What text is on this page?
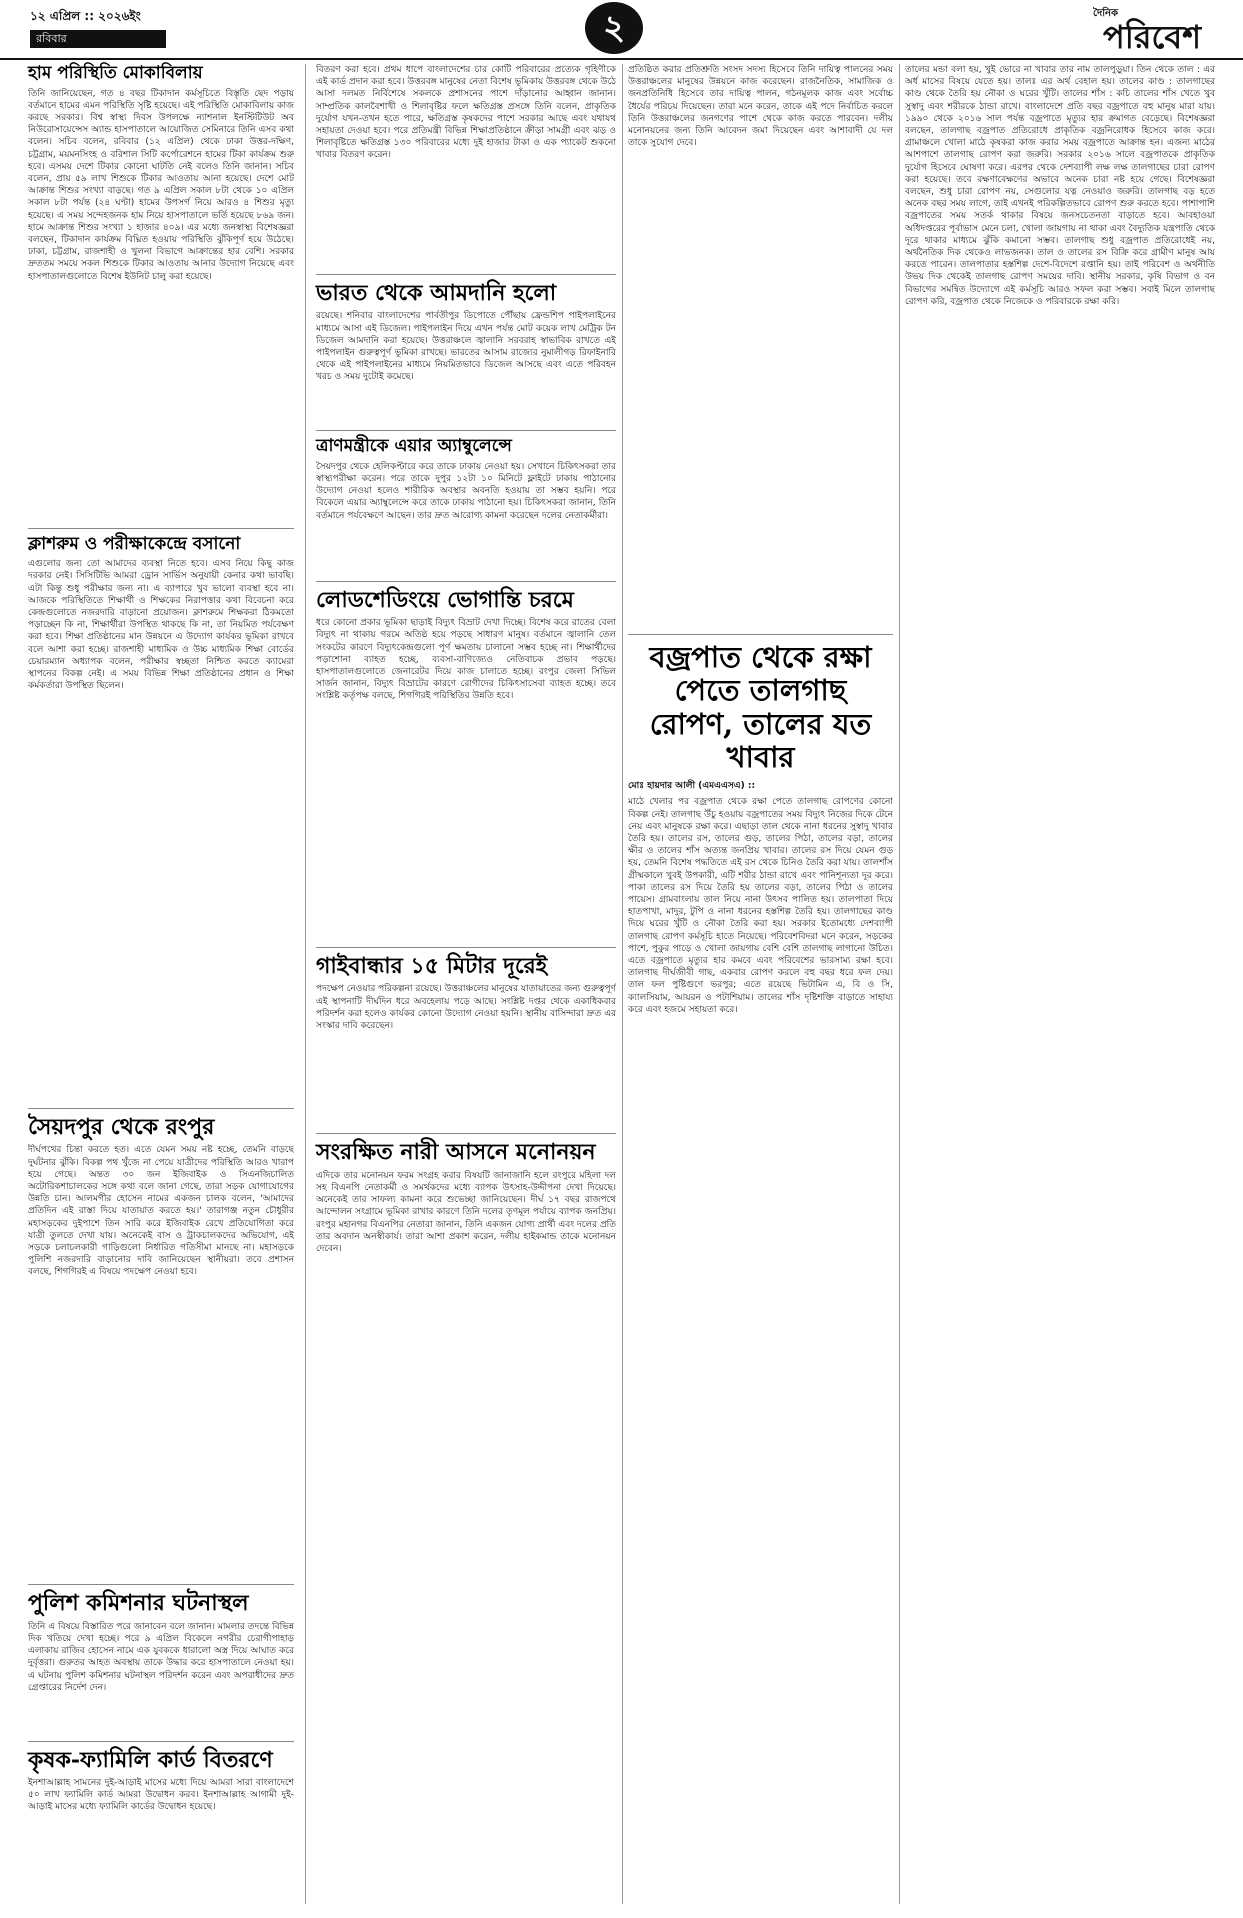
১২ এপ্রিল :: ২০২৬ইং
রবিবার	২	দৈনিক
পরিবেশ
হাম পরিস্থিতি মোকাবিলায়
তিনি জানিয়েছেন, গত ৪ বছর টিকাদান কর্মসূচিতে বিস্তৃতি ছেদ পড়ায় বর্তমানে হামের এমন পরিস্থিতি সৃষ্টি হয়েছে। এই পরিস্থিতি মোকাবিলায় কাজ করছে সরকার। বিশ্ব স্বাস্থ্য দিবস উপলক্ষে ন্যাশনাল ইনস্টিটিউট অব নিউরোসায়েন্সেস অ্যান্ড হাসপাতালে আয়োজিত সেমিনারে তিনি এসব কথা বলেন। সচিব বলেন, রবিবার (১২ এপ্রিল) থেকে ঢাকা উত্তর-দক্ষিণ, চট্টগ্রাম, ময়মনসিংহ ও বরিশাল সিটি কর্পোরেশনে হামের টিকা কার্যক্রম শুরু হবে। এসময় দেশে টিকার কোনো ঘাটতি নেই বলেও তিনি জানান। সচিব বলেন, প্রায় ৫৯ লাখ শিশুকে টিকার আওতায় আনা হয়েছে। দেশে মোট আক্রান্ত শিশুর সংখ্যা বাড়ছে। গত ৯ এপ্রিল সকাল ৮টা থেকে ১০ এপ্রিল সকাল ৮টা পর্যন্ত (২৪ ঘণ্টা) হামের উপসর্গ নিয়ে আরও ৪ শিশুর মৃত্যু হয়েছে। এ সময় সন্দেহজনক হাম নিয়ে হাসপাতালে ভর্তি হয়েছে ৮৬৯ জন। হামে আক্রান্ত শিশুর সংখ্যা ১ হাজার ৪০৯। এর মধ্যে জনস্বাস্থ্য বিশেষজ্ঞরা বলছেন, টিকাদান কার্যক্রম বিঘ্নিত হওয়ায় পরিস্থিতি ঝুঁকিপূর্ণ হয়ে উঠেছে। ঢাকা, চট্টগ্রাম, রাজশাহী ও খুলনা বিভাগে আক্রান্তের হার বেশি। সরকার দ্রুততম সময়ে সকল শিশুকে টিকার আওতায় আনার উদ্যোগ নিয়েছে এবং হাসপাতালগুলোতে বিশেষ ইউনিট চালু করা হয়েছে।
ক্লাশরুম ও পরীক্ষাকেন্দ্রে বসানো
এগুলোর জন্য তো আমাদের ব্যবস্থা নিতে হবে। এসব নিয়ে কিছু কাজ দরকার নেই। সিসিটিভি আমরা ড্রোন সার্ভিস অনুযায়ী কেনার কথা ভাবছি। এটা কিন্তু শুধু পরীক্ষার জন্য না। এ ব্যাপারে খুব ভালো ব্যবস্থা হবে না। আজকে পরিস্থিতিতে শিক্ষার্থী ও শিক্ষকের নিরাপত্তার কথা বিবেচনা করে কেন্দ্রগুলোতে নজরদারি বাড়ানো প্রয়োজন। ক্লাশরুমে শিক্ষকরা ঠিকমতো পড়াচ্ছেন কি না, শিক্ষার্থীরা উপস্থিত থাকছে কি না, তা নিয়মিত পর্যবেক্ষণ করা হবে। শিক্ষা প্রতিষ্ঠানের মান উন্নয়নে এ উদ্যোগ কার্যকর ভূমিকা রাখবে বলে আশা করা হচ্ছে। রাজশাহী মাধ্যমিক ও উচ্চ মাধ্যমিক শিক্ষা বোর্ডের চেয়ারম্যান অধ্যাপক বলেন, পরীক্ষার স্বচ্ছতা নিশ্চিত করতে ক্যামেরা স্থাপনের বিকল্প নেই। এ সময় বিভিন্ন শিক্ষা প্রতিষ্ঠানের প্রধান ও শিক্ষা কর্মকর্তারা উপস্থিত ছিলেন।
সৈয়দপুর থেকে রংপুর
দীর্ঘপথের চিন্তা করতে হত। এতে যেমন সময় নষ্ট হচ্ছে, তেমনি বাড়ছে দুর্ঘটনার ঝুঁকি। বিকল্প পথ খুঁজে না পেয়ে যাত্রীদের পরিস্থিতি আরও খারাপ হয়ে গেছে। অন্তত ৩০ জন ইজিবাইক ও সিএনজিচালিত অটোরিকশাচালকের সঙ্গে কথা বলে জানা গেছে, তারা সড়ক যোগাযোগের উন্নতি চান। আলমগীর হোসেন নামের একজন চালক বলেন, 'আমাদের প্রতিদিন এই রাস্তা দিয়ে যাতায়াত করতে হয়।' তারাগঞ্জ নতুন চৌধুরীর মহাসড়কের দুইপাশে তিন সারি করে ইজিবাইক রেখে প্রতিযোগিতা করে যাত্রী তুলতে দেখা যায়। অনেকেই বাস ও ট্রাকচালকদের অভিযোগ, এই সড়কে চলাচলকারী গাড়িগুলো নির্ধারিত গতিসীমা মানছে না। মহাসড়কে পুলিশি নজরদারি বাড়ানোর দাবি জানিয়েছেন স্থানীয়রা। তবে প্রশাসন বলছে, শিগগিরই এ বিষয়ে পদক্ষেপ নেওয়া হবে।
পুলিশ কমিশনার ঘটনাস্থল
তিনি এ বিষয়ে বিস্তারিত পরে জানাবেন বলে জানান। মামলার তদন্তে বিভিন্ন দিক খতিয়ে দেখা হচ্ছে। পরে ৯ এপ্রিল বিকেলে নগরীর চেরাগীপাহাড় এলাকায় রাজিব হোসেন নামে এক যুবককে ধারালো অস্ত্র দিয়ে আঘাত করে দুর্বৃত্তরা। গুরুতর আহত অবস্থায় তাকে উদ্ধার করে হাসপাতালে নেওয়া হয়। এ ঘটনায় পুলিশ কমিশনার ঘটনাস্থল পরিদর্শন করেন এবং অপরাধীদের দ্রুত গ্রেপ্তারের নির্দেশ দেন।
কৃষক-ফ্যামিলি কার্ড বিতরণে
ইনশাআল্লাহ সামনের দুই-আড়াই মাসের মধ্যে দিয়ে আমরা সারা বাংলাদেশে ৫০ লাখ ফ্যামিলি কার্ড আমরা উদ্বোধন করব। ইনশাআল্লাহ আগামী দুই-আড়াই মাসের মধ্যে ফ্যামিলি কার্ডের উদ্বোধন হয়েছে।
বিতরণ করা হবে। প্রথম ধাপে বাংলাদেশের চার কোটি পরিবারের প্রত্যেক গৃহিণীকে এই কার্ড প্রদান করা হবে। উত্তরবঙ্গ মানুষের নেতা বিশেষ ভূমিকায় উত্তরবঙ্গ থেকে উঠে আসা দলমত নির্বিশেষে সকলকে প্রশাসনের পাশে দাঁড়ানোর আহ্বান জানান। সাম্প্রতিক কালবৈশাখী ও শিলাবৃষ্টির ফলে ক্ষতিগ্রস্ত প্রসঙ্গে তিনি বলেন, প্রাকৃতিক দুর্যোগ যখন-তখন হতে পারে, ক্ষতিগ্রস্ত কৃষকদের পাশে সরকার আছে এবং যথাযথ সহায়তা দেওয়া হবে। পরে প্রতিমন্ত্রী বিভিন্ন শিক্ষাপ্রতিষ্ঠানে ক্রীড়া সামগ্রী এবং ঝড় ও শিলাবৃষ্টিতে ক্ষতিগ্রস্ত ১৩০ পরিবারের মধ্যে দুই হাজার টাকা ও এক প্যাকেট শুকনো খাবার বিতরণ করেন।
ভারত থেকে আমদানি হলো
রয়েছে। শনিবার বাংলাদেশের পার্বতীপুর ডিপোতে পৌঁছায় ফ্রেন্ডশিপ পাইপলাইনের মাধ্যমে আসা এই ডিজেল। পাইপলাইন দিয়ে এখন পর্যন্ত মোট কয়েক লাখ মেট্রিক টন ডিজেল আমদানি করা হয়েছে। উত্তরাঞ্চলে জ্বালানি সরবরাহ স্বাভাবিক রাখতে এই পাইপলাইন গুরুত্বপূর্ণ ভূমিকা রাখছে। ভারতের আসাম রাজ্যের নুমালীগড় রিফাইনারি থেকে এই পাইপলাইনের মাধ্যমে নিয়মিতভাবে ডিজেল আসছে এবং এতে পরিবহন খরচ ও সময় দুটোই কমেছে।
ত্রাণমন্ত্রীকে এয়ার অ্যাম্বুলেন্সে
সৈয়দপুর থেকে হেলিকপ্টারে করে তাকে ঢাকায় নেওয়া হয়। সেখানে চিকিৎসকরা তার স্বাস্থ্যপরীক্ষা করেন। পরে তাকে দুপুর ১২টা ১০ মিনিটে ফ্লাইটে ঢাকায় পাঠানোর উদ্যোগ নেওয়া হলেও শারীরিক অবস্থার অবনতি হওয়ায় তা সম্ভব হয়নি। পরে বিকেলে এয়ার অ্যাম্বুলেন্সে করে তাকে ঢাকায় পাঠানো হয়। চিকিৎসকরা জানান, তিনি বর্তমানে পর্যবেক্ষণে আছেন। তার দ্রুত আরোগ্য কামনা করেছেন দলের নেতাকর্মীরা।
লোডশেডিংয়ে ভোগান্তি চরমে
ধরে কোনো প্রকার ভূমিকা ছাড়াই বিদ্যুৎ বিভ্রাট দেখা দিচ্ছে। বিশেষ করে রাতের বেলা বিদ্যুৎ না থাকায় গরমে অতিষ্ঠ হয়ে পড়ছে সাধারণ মানুষ। বর্তমানে জ্বালানি তেল সংকটের কারণে বিদ্যুৎকেন্দ্রগুলো পূর্ণ ক্ষমতায় চালানো সম্ভব হচ্ছে না। শিক্ষার্থীদের পড়াশোনা ব্যাহত হচ্ছে, ব্যবসা-বাণিজ্যেও নেতিবাচক প্রভাব পড়ছে। হাসপাতালগুলোতে জেনারেটর দিয়ে কাজ চালাতে হচ্ছে। রংপুর জেলা সিভিল সার্জন জানান, বিদ্যুৎ বিভ্রাটের কারণে রোগীদের চিকিৎসাসেবা ব্যাহত হচ্ছে। তবে সংশ্লিষ্ট কর্তৃপক্ষ বলছে, শিগগিরই পরিস্থিতির উন্নতি হবে।
গাইবান্ধার ১৫ মিটার দূরেই
পদক্ষেপ নেওয়ার পরিকল্পনা রয়েছে। উত্তরাঞ্চলের মানুষের যাতায়াতের জন্য গুরুত্বপূর্ণ এই স্থাপনাটি দীর্ঘদিন ধরে অবহেলায় পড়ে আছে। সংশ্লিষ্ট দপ্তর থেকে একাধিকবার পরিদর্শন করা হলেও কার্যকর কোনো উদ্যোগ নেওয়া হয়নি। স্থানীয় বাসিন্দারা দ্রুত এর সংস্কার দাবি করেছেন।
সংরক্ষিত নারী আসনে মনোনয়ন
এদিকে তার মনোনয়ন ফরম সংগ্রহ করার বিষয়টি জানাজানি হলে রংপুরে মহিলা দল সহ বিএনপি নেতাকর্মী ও সমর্থকদের মধ্যে ব্যাপক উৎসাহ-উদ্দীপনা দেখা দিয়েছে। অনেকেই তার সাফল্য কামনা করে শুভেচ্ছা জানিয়েছেন। দীর্ঘ ১৭ বছর রাজপথে আন্দোলন সংগ্রামে ভূমিকা রাখার কারণে তিনি দলের তৃণমূল পর্যায়ে ব্যাপক জনপ্রিয়। রংপুর মহানগর বিএনপির নেতারা জানান, তিনি একজন যোগ্য প্রার্থী এবং দলের প্রতি তার অবদান অনস্বীকার্য। তারা আশা প্রকাশ করেন, দলীয় হাইকমান্ড তাকে মনোনয়ন দেবেন।
প্রতিষ্ঠিত করার প্রতিশ্রুতি সংসদ সদস্য হিসেবে তিনি দায়িত্ব পালনের সময় উত্তরাঞ্চলের মানুষের উন্নয়নে কাজ করেছেন। রাজনৈতিক, সামাজিক ও জনপ্রতিনিধি হিসেবে তার দায়িত্ব পালন, গঠনমূলক কাজ এবং সর্বোচ্চ ধৈর্যের পরিচয় দিয়েছেন। তারা মনে করেন, তাকে এই পদে নির্বাচিত করলে তিনি উত্তরাঞ্চলের জনগণের পাশে থেকে কাজ করতে পারবেন। দলীয় মনোনয়নের জন্য তিনি আবেদন জমা দিয়েছেন এবং আশাবাদী যে দল তাকে সুযোগ দেবে।
বজ্রপাত থেকে রক্ষা পেতে তালগাছ রোপণ, তালের যত খাবার
মোঃ হায়দার আলী (এমএএসএ) ::
মাঠে খেলার পর বজ্রপাত থেকে রক্ষা পেতে তালগাছ রোপণের কোনো বিকল্প নেই। তালগাছ উঁচু হওয়ায় বজ্রপাতের সময় বিদ্যুৎ নিজের দিকে টেনে নেয় এবং মানুষকে রক্ষা করে। এছাড়া তাল থেকে নানা ধরনের সুস্বাদু খাবার তৈরি হয়। তালের রস, তালের গুড়, তালের পিঠা, তালের বড়া, তালের ক্ষীর ও তালের শাঁস অত্যন্ত জনপ্রিয় খাবার। তালের রস দিয়ে যেমন গুড় হয়, তেমনি বিশেষ পদ্ধতিতে এই রস থেকে চিনিও তৈরি করা যায়। তালশাঁস গ্রীষ্মকালে খুবই উপকারী, এটি শরীর ঠান্ডা রাখে এবং পানিশূন্যতা দূর করে। পাকা তালের রস দিয়ে তৈরি হয় তালের বড়া, তালের পিঠা ও তালের পায়েস। গ্রামবাংলায় তাল নিয়ে নানা উৎসব পালিত হয়। তালপাতা দিয়ে হাতপাখা, মাদুর, টুপি ও নানা ধরনের হস্তশিল্প তৈরি হয়। তালগাছের কাণ্ড দিয়ে ঘরের খুঁটি ও নৌকা তৈরি করা হয়। সরকার ইতোমধ্যে দেশব্যাপী তালগাছ রোপণ কর্মসূচি হাতে নিয়েছে। পরিবেশবিদরা মনে করেন, সড়কের পাশে, পুকুর পাড়ে ও খোলা জায়গায় বেশি বেশি তালগাছ লাগানো উচিত। এতে বজ্রপাতে মৃত্যুর হার কমবে এবং পরিবেশের ভারসাম্য রক্ষা হবে। তালগাছ দীর্ঘজীবী গাছ, একবার রোপণ করলে বহু বছর ধরে ফল দেয়। তাল ফল পুষ্টিগুণে ভরপুর; এতে রয়েছে ভিটামিন এ, বি ও সি, ক্যালসিয়াম, আয়রন ও পটাশিয়াম। তালের শাঁস দৃষ্টিশক্তি বাড়াতে সাহায্য করে এবং হজমে সহায়তা করে।
তালের মন্ডা বলা হয়, খুই ভোরে না খাবার তার নাম তালপুড়ুয়া। তিন থেকে তাল : এর অর্ধ মাসের বিষয়ে যেতে হয়। তালঃ এর অর্থ বেহাল হয়। তালের কাণ্ড : তালগাছের কাণ্ড থেকে তৈরি হয় নৌকা ও ঘরের খুঁটি। তালের শাঁস : কচি তালের শাঁস খেতে খুব সুস্বাদু এবং শরীরকে ঠান্ডা রাখে। বাংলাদেশে প্রতি বছর বজ্রপাতে বহু মানুষ মারা যায়। ১৯৯০ থেকে ২০১৬ সাল পর্যন্ত বজ্রপাতে মৃত্যুর হার ক্রমাগত বেড়েছে। বিশেষজ্ঞরা বলছেন, তালগাছ বজ্রপাত প্রতিরোধে প্রাকৃতিক বজ্রনিরোধক হিসেবে কাজ করে। গ্রামাঞ্চলে খোলা মাঠে কৃষকরা কাজ করার সময় বজ্রপাতে আক্রান্ত হন। এজন্য মাঠের আশপাশে তালগাছ রোপণ করা জরুরি। সরকার ২০১৬ সালে বজ্রপাতকে প্রাকৃতিক দুর্যোগ হিসেবে ঘোষণা করে। এরপর থেকে দেশব্যাপী লক্ষ লক্ষ তালগাছের চারা রোপণ করা হয়েছে। তবে রক্ষণাবেক্ষণের অভাবে অনেক চারা নষ্ট হয়ে গেছে। বিশেষজ্ঞরা বলছেন, শুধু চারা রোপণ নয়, সেগুলোর যত্ন নেওয়াও জরুরি। তালগাছ বড় হতে অনেক বছর সময় লাগে, তাই এখনই পরিকল্পিতভাবে রোপণ শুরু করতে হবে। পাশাপাশি বজ্রপাতের সময় সতর্ক থাকার বিষয়ে জনসচেতনতা বাড়াতে হবে। আবহাওয়া অধিদপ্তরের পূর্বাভাস মেনে চলা, খোলা জায়গায় না থাকা এবং বৈদ্যুতিক যন্ত্রপাতি থেকে দূরে থাকার মাধ্যমে ঝুঁকি কমানো সম্ভব। তালগাছ শুধু বজ্রপাত প্রতিরোধেই নয়, অর্থনৈতিক দিক থেকেও লাভজনক। তাল ও তালের রস বিক্রি করে গ্রামীণ মানুষ আয় করতে পারেন। তালপাতার হস্তশিল্প দেশে-বিদেশে রপ্তানি হয়। তাই পরিবেশ ও অর্থনীতি উভয় দিক থেকেই তালগাছ রোপণ সময়ের দাবি। স্থানীয় সরকার, কৃষি বিভাগ ও বন বিভাগের সমন্বিত উদ্যোগে এই কর্মসূচি আরও সফল করা সম্ভব। সবাই মিলে তালগাছ রোপণ করি, বজ্রপাত থেকে নিজেকে ও পরিবারকে রক্ষা করি।
